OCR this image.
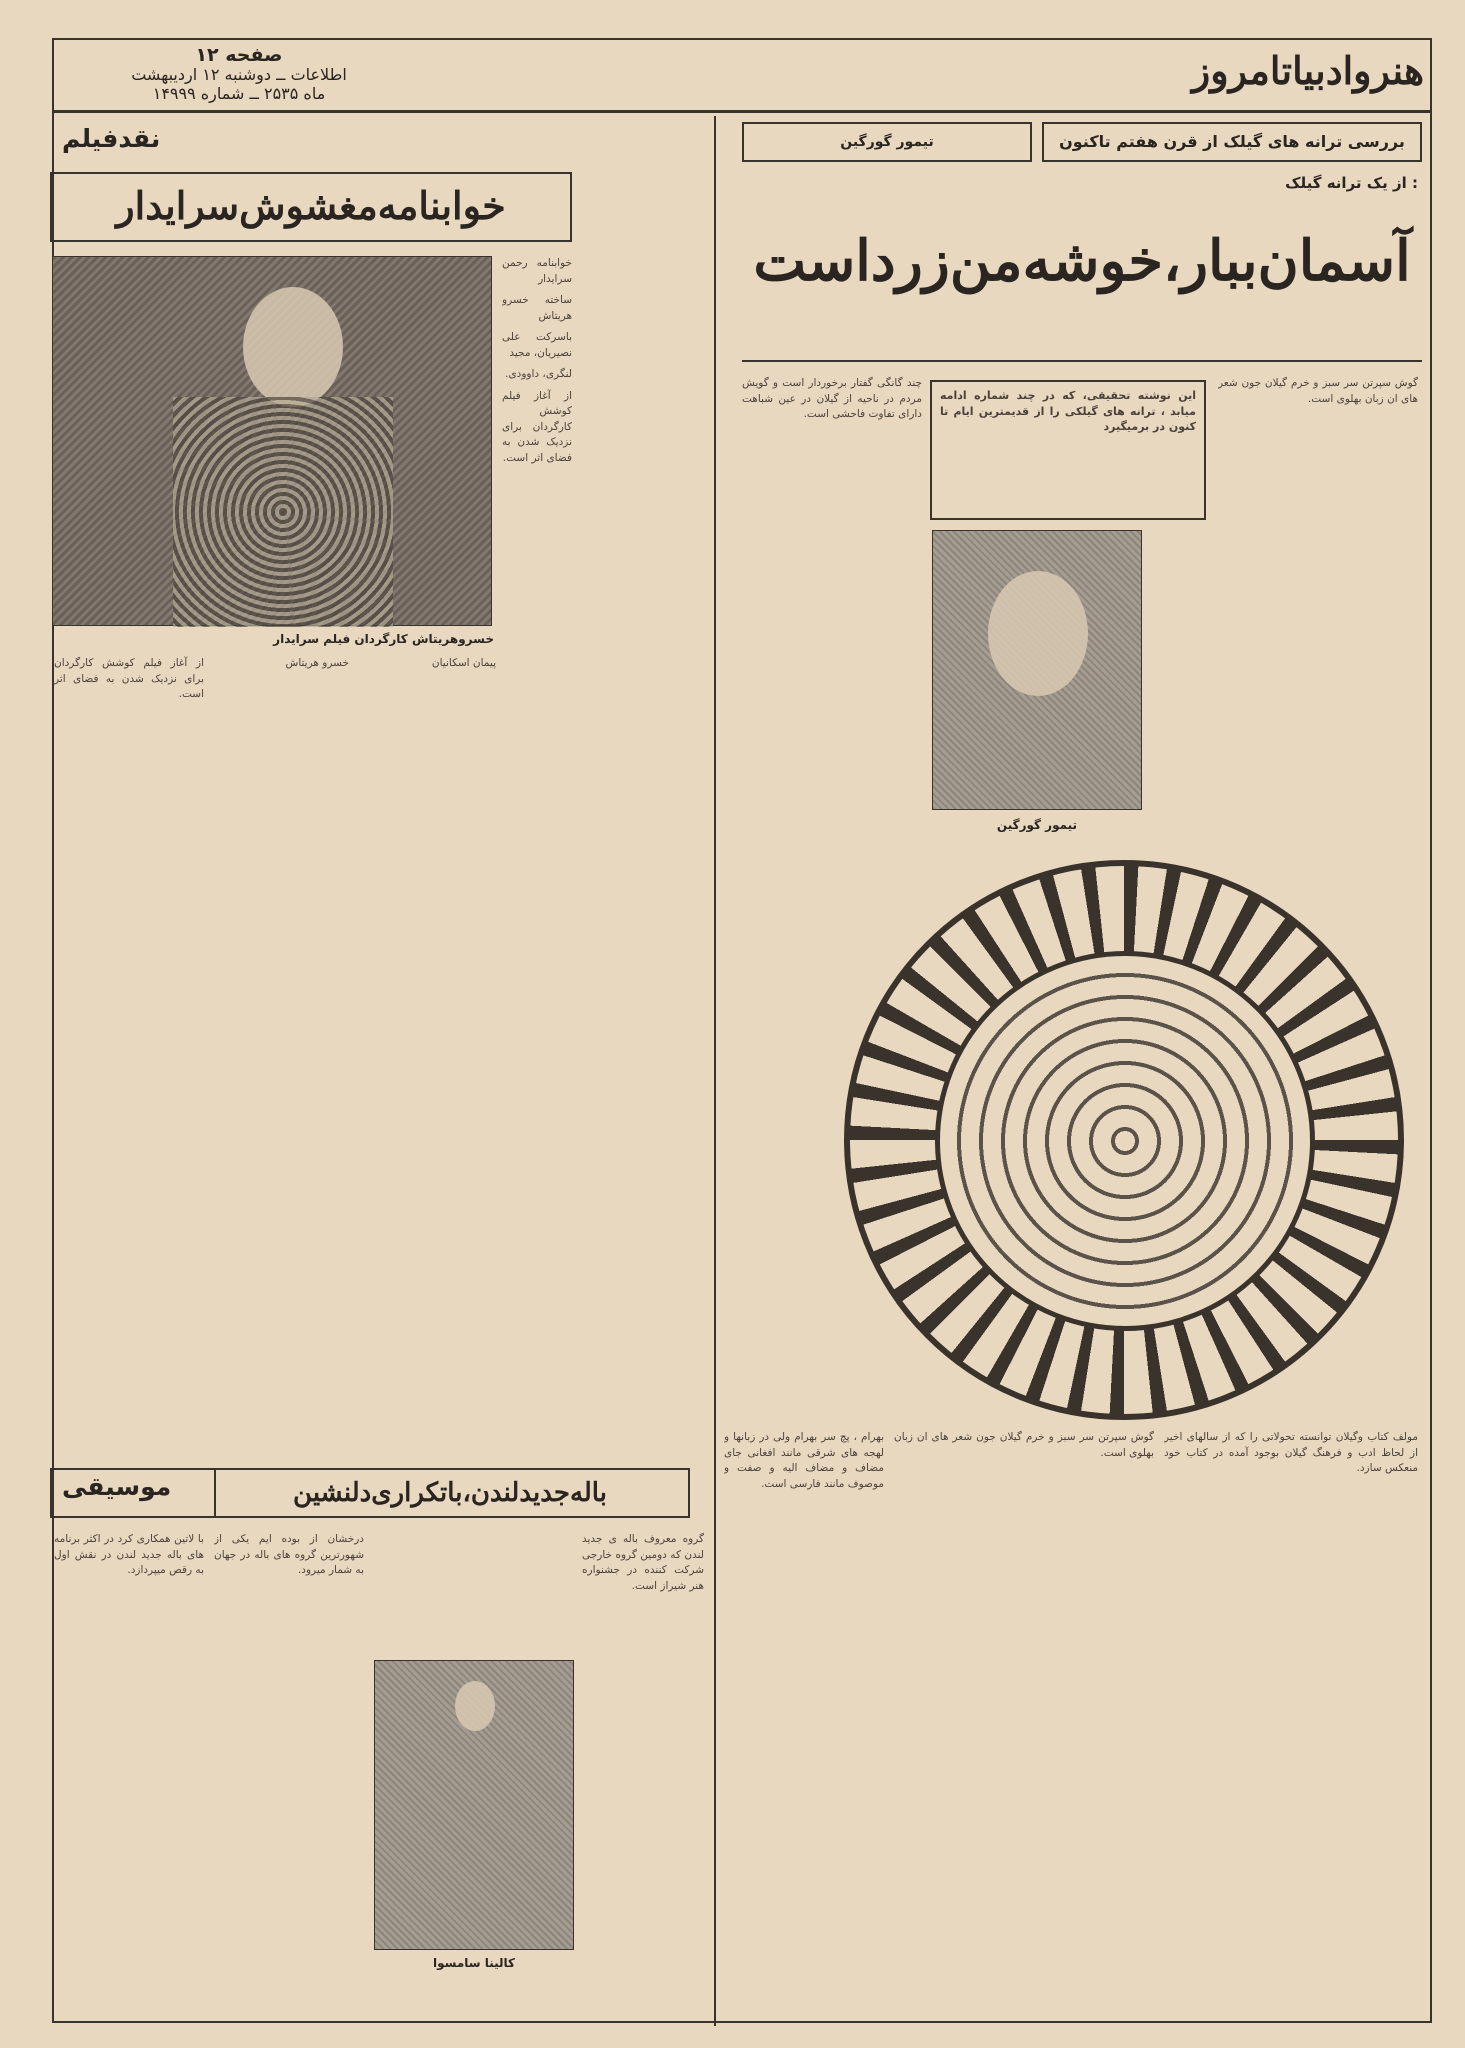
هنروادبیاتامروز
صفحه ۱۲
اطلاعات ــ دوشنبه ۱۲ اردیبهشت
ماه ۲۵۳۵ ــ شماره ۱۴۹۹۹
نقدفیلم
خوابنامه‌مغشوش‌سرایدار
خسروهریتاش کارگردان فیلم سرایدار

خوابنامه رحمن سرایدار

ساخته خسرو هریتاش

باسرکت علی نصیریان، مجید

لنگری، داوودی.

از آغاز فیلم کوشش کارگردان برای نزدیک شدن به فضای اثر است.

از آغاز فیلم کوشش کارگردان برای نزدیک شدن به فضای اثر است.

خسرو هریتاش	پیمان اسکانیان

بررسی ترانه های گیلک از قرن هفتم تاکنون
تیمور گورگین
از یک ترانه گیلک :
آسمان‌ببار،خوشه‌من‌زرداست
این نوشته تحقیقی، که در چند شماره ادامه میابد ، ترانه های گیلکی را از قدیمترین ایام تا کنون در برمیگیرد

گوش سپرتن سر سبز و خرم گیلان جون شعر های ان زبان بهلوی است.

چند گانگی گفتار برخوردار است و گویش مردم در ناحیه از گیلان در عین شباهت دارای تفاوت فاحشی است.

تیمور گورگین

مولف کتاب وگیلان توانسته تحولاتی را که از سالهای اخیر از لحاظ ادب و فرهنگ گیلان بوجود آمده در کتاب خود منعکس سازد.

گوش سپرتن سر سبز و خرم گیلان جون شعر های ان زبان بهلوی است.

بهرام ، پچ سر بهرام ولی در زبانها و لهجه های شرقی مانند افغانی جای مضاف و مضاف الیه و صفت و موصوف مانند فارسی است.

باله‌جدیدلندن،باتکراری‌دلنشین
موسیقی

با لاتین همکاری کرد در اکثر برنامه های باله جدید لندن در نقش اول به رقص میپردازد.

درخشان از بوده ایم یکی از شهورترین گروه های باله در جهان به شمار میرود.

کالینا سامسوا

گروه معروف باله ی جدید لندن که دومین گروه خارجی شرکت کننده در جشنواره هنر شیراز است.
